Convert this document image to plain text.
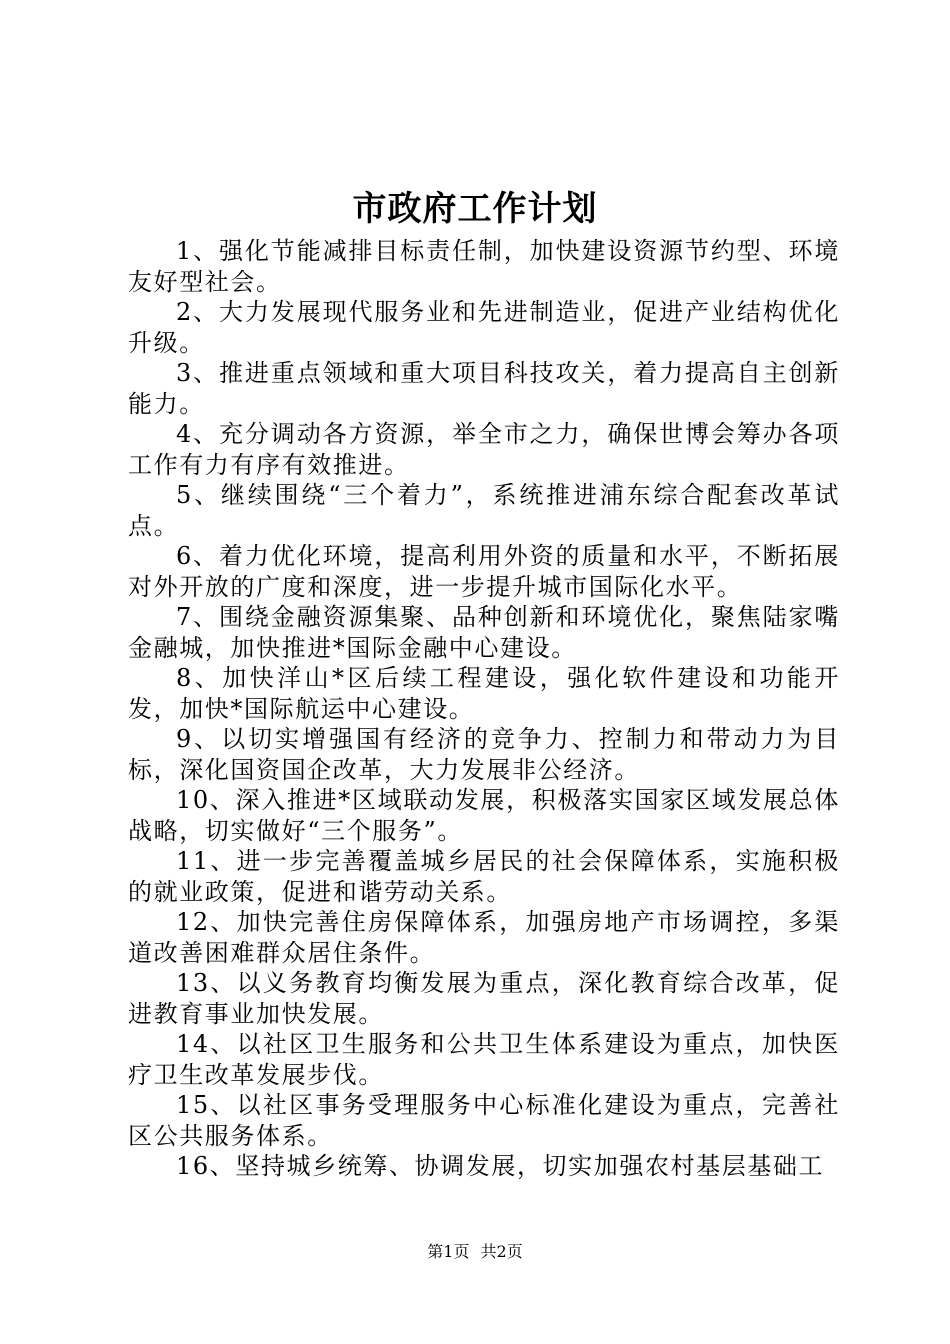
市政府工作计划

1、强化节能减排目标责任制，加快建设资源节约型、环境友好型社会。

2、大力发展现代服务业和先进制造业，促进产业结构优化升级。

3、推进重点领域和重大项目科技攻关，着力提高自主创新能力。

4、充分调动各方资源，举全市之力，确保世博会筹办各项工作有力有序有效推进。

5、继续围绕“三个着力”，系统推进浦东综合配套改革试点。

6、着力优化环境，提高利用外资的质量和水平，不断拓展对外开放的广度和深度，进一步提升城市国际化水平。

7、围绕金融资源集聚、品种创新和环境优化，聚焦陆家嘴金融城，加快推进*国际金融中心建设。

8、加快洋山*区后续工程建设，强化软件建设和功能开发，加快*国际航运中心建设。

9、以切实增强国有经济的竞争力、控制力和带动力为目标，深化国资国企改革，大力发展非公经济。

10、深入推进*区域联动发展，积极落实国家区域发展总体战略，切实做好“三个服务”。

11、进一步完善覆盖城乡居民的社会保障体系，实施积极的就业政策，促进和谐劳动关系。

12、加快完善住房保障体系，加强房地产市场调控，多渠道改善困难群众居住条件。

13、以义务教育均衡发展为重点，深化教育综合改革，促进教育事业加快发展。

14、以社区卫生服务和公共卫生体系建设为重点，加快医疗卫生改革发展步伐。

15、以社区事务受理服务中心标准化建设为重点，完善社区公共服务体系。

16、坚持城乡统筹、协调发展，切实加强农村基层基础工

第1页 共2页
